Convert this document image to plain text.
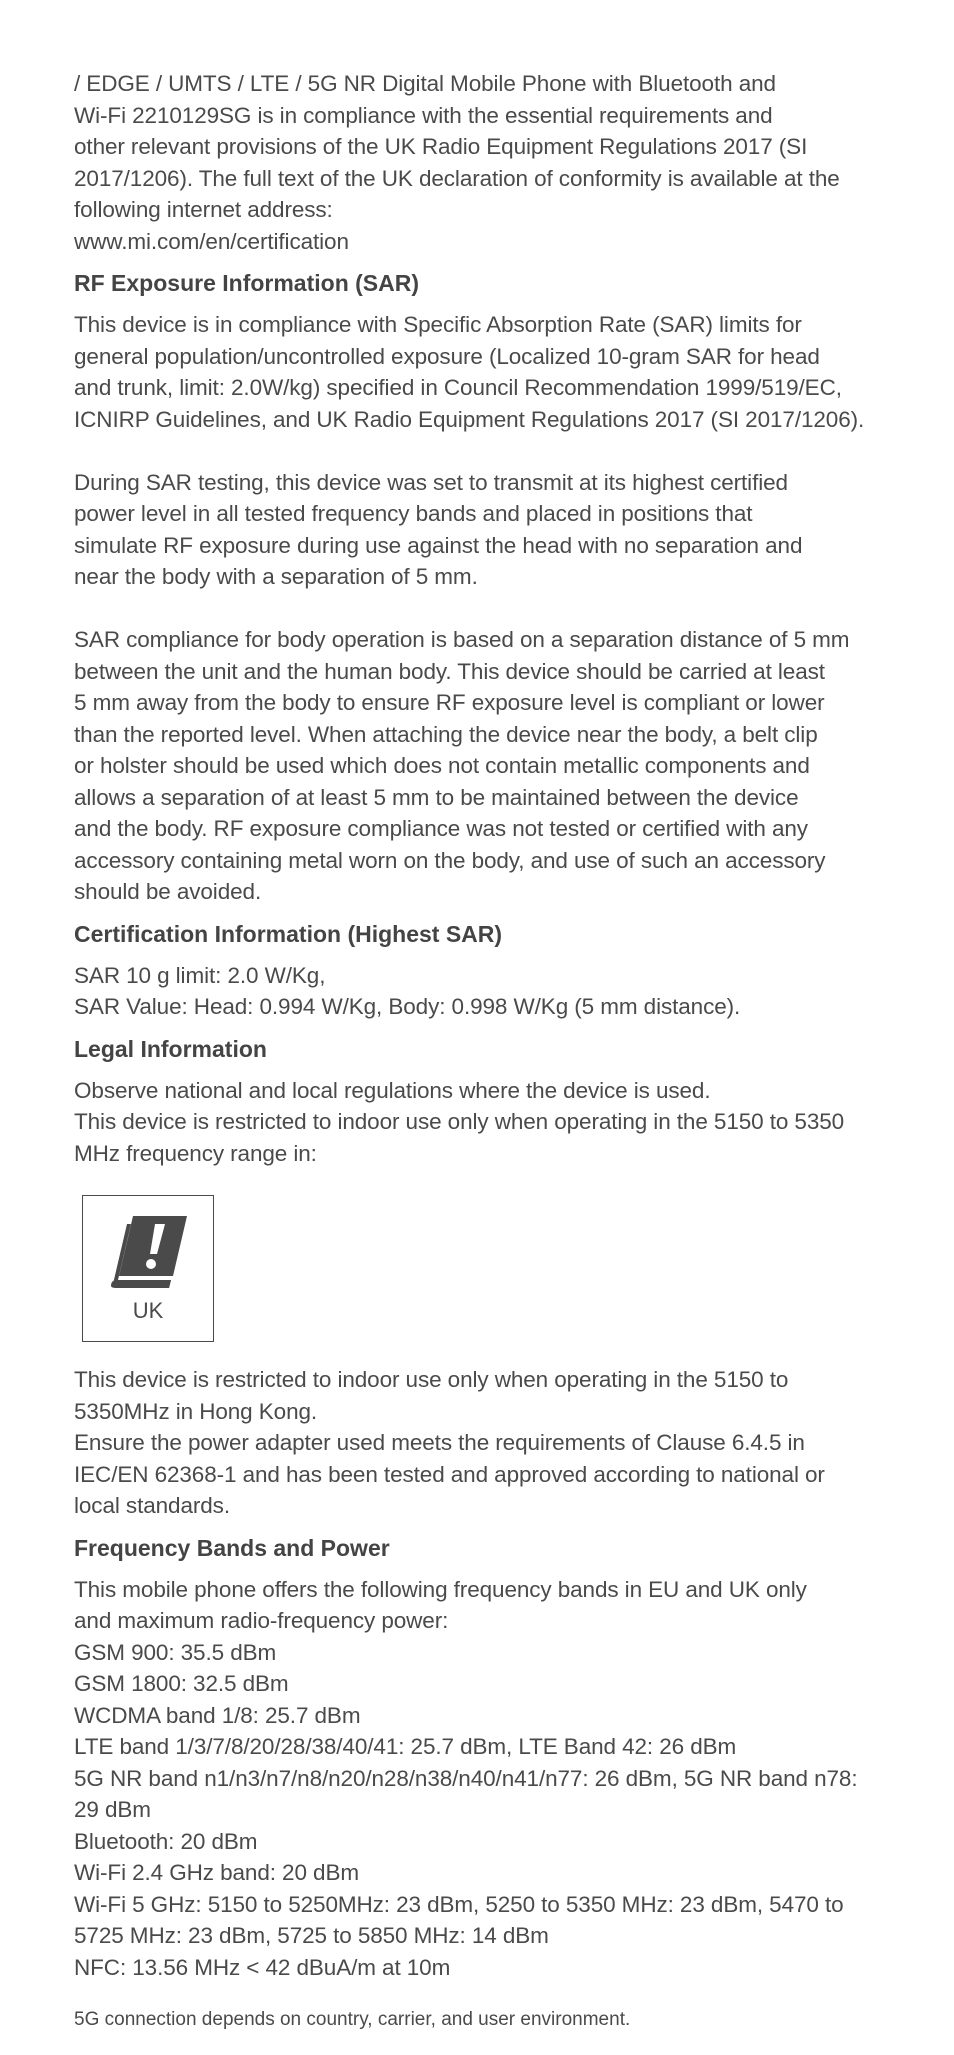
/ EDGE / UMTS / LTE / 5G NR Digital Mobile Phone with Bluetooth and
Wi-Fi 2210129SG is in compliance with the essential requirements and
other relevant provisions of the UK Radio Equipment Regulations 2017 (SI
2017/1206). The full text of the UK declaration of conformity is available at the
following internet address:
www.mi.com/en/certification

RF Exposure Information (SAR)

This device is in compliance with Specific Absorption Rate (SAR) limits for
general population/uncontrolled exposure (Localized 10-gram SAR for head
and trunk, limit: 2.0W/kg) specified in Council Recommendation 1999/519/EC,
ICNIRP Guidelines, and UK Radio Equipment Regulations 2017 (SI 2017/1206).

During SAR testing, this device was set to transmit at its highest certified
power level in all tested frequency bands and placed in positions that
simulate RF exposure during use against the head with no separation and
near the body with a separation of 5 mm.

SAR compliance for body operation is based on a separation distance of 5 mm
between the unit and the human body. This device should be carried at least
5 mm away from the body to ensure RF exposure level is compliant or lower
than the reported level. When attaching the device near the body, a belt clip
or holster should be used which does not contain metallic components and
allows a separation of at least 5 mm to be maintained between the device
and the body. RF exposure compliance was not tested or certified with any
accessory containing metal worn on the body, and use of such an accessory
should be avoided.

Certification Information (Highest SAR)

SAR 10 g limit: 2.0 W/Kg,
SAR Value: Head: 0.994 W/Kg, Body: 0.998 W/Kg (5 mm distance).

Legal Information

Observe national and local regulations where the device is used.
This device is restricted to indoor use only when operating in the 5150 to 5350
MHz frequency range in:

UK

This device is restricted to indoor use only when operating in the 5150 to
5350MHz in Hong Kong.
Ensure the power adapter used meets the requirements of Clause 6.4.5 in
IEC/EN 62368-1 and has been tested and approved according to national or
local standards.

Frequency Bands and Power

This mobile phone offers the following frequency bands in EU and UK only
and maximum radio-frequency power:
GSM 900: 35.5 dBm
GSM 1800: 32.5 dBm
WCDMA band 1/8: 25.7 dBm
LTE band 1/3/7/8/20/28/38/40/41: 25.7 dBm, LTE Band 42: 26 dBm
5G NR band n1/n3/n7/n8/n20/n28/n38/n40/n41/n77: 26 dBm, 5G NR band n78:
29 dBm
Bluetooth: 20 dBm
Wi-Fi 2.4 GHz band: 20 dBm
Wi-Fi 5 GHz: 5150 to 5250MHz: 23 dBm, 5250 to 5350 MHz: 23 dBm, 5470 to
5725 MHz: 23 dBm, 5725 to 5850 MHz: 14 dBm
NFC: 13.56 MHz < 42 dBuA/m at 10m

5G connection depends on country, carrier, and user environment.
